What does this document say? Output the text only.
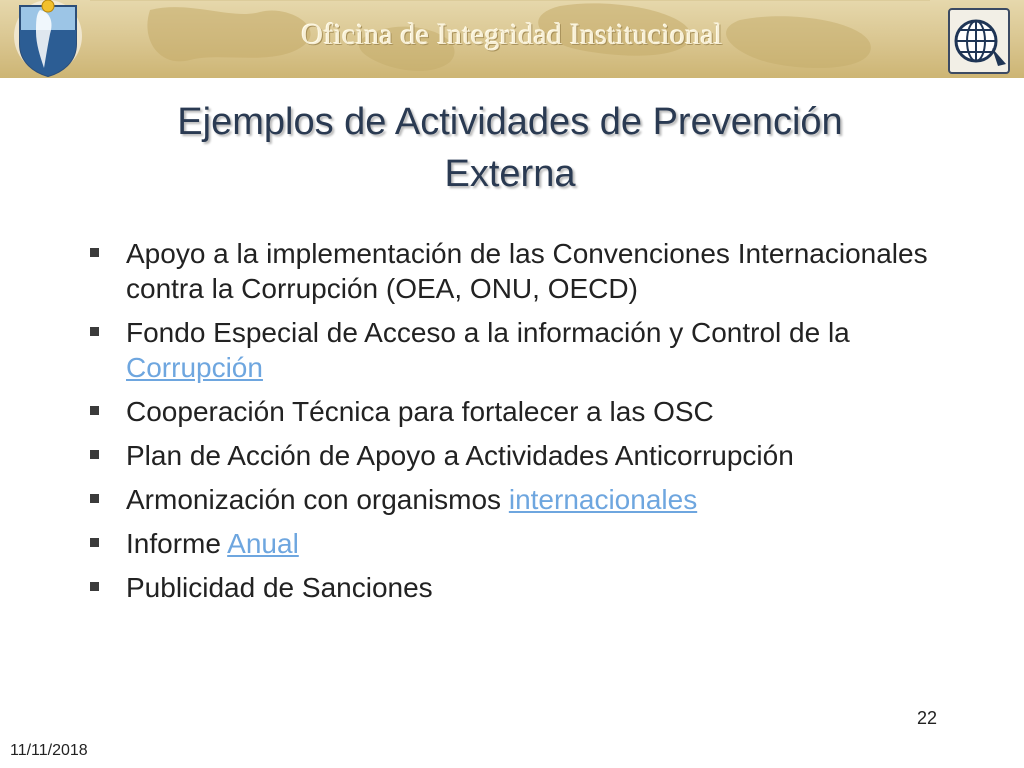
Oficina de Integridad Institucional
Ejemplos de Actividades de Prevención
Externa
Apoyo a la implementación de las Convenciones Internacionales contra la Corrupción (OEA, ONU, OECD)
Fondo Especial de Acceso a la información y Control de la Corrupción
Cooperación Técnica para fortalecer a las OSC
Plan de Acción de Apoyo a Actividades Anticorrupción
Armonización con organismos internacionales
Informe Anual
Publicidad de Sanciones
22
11/11/2018
